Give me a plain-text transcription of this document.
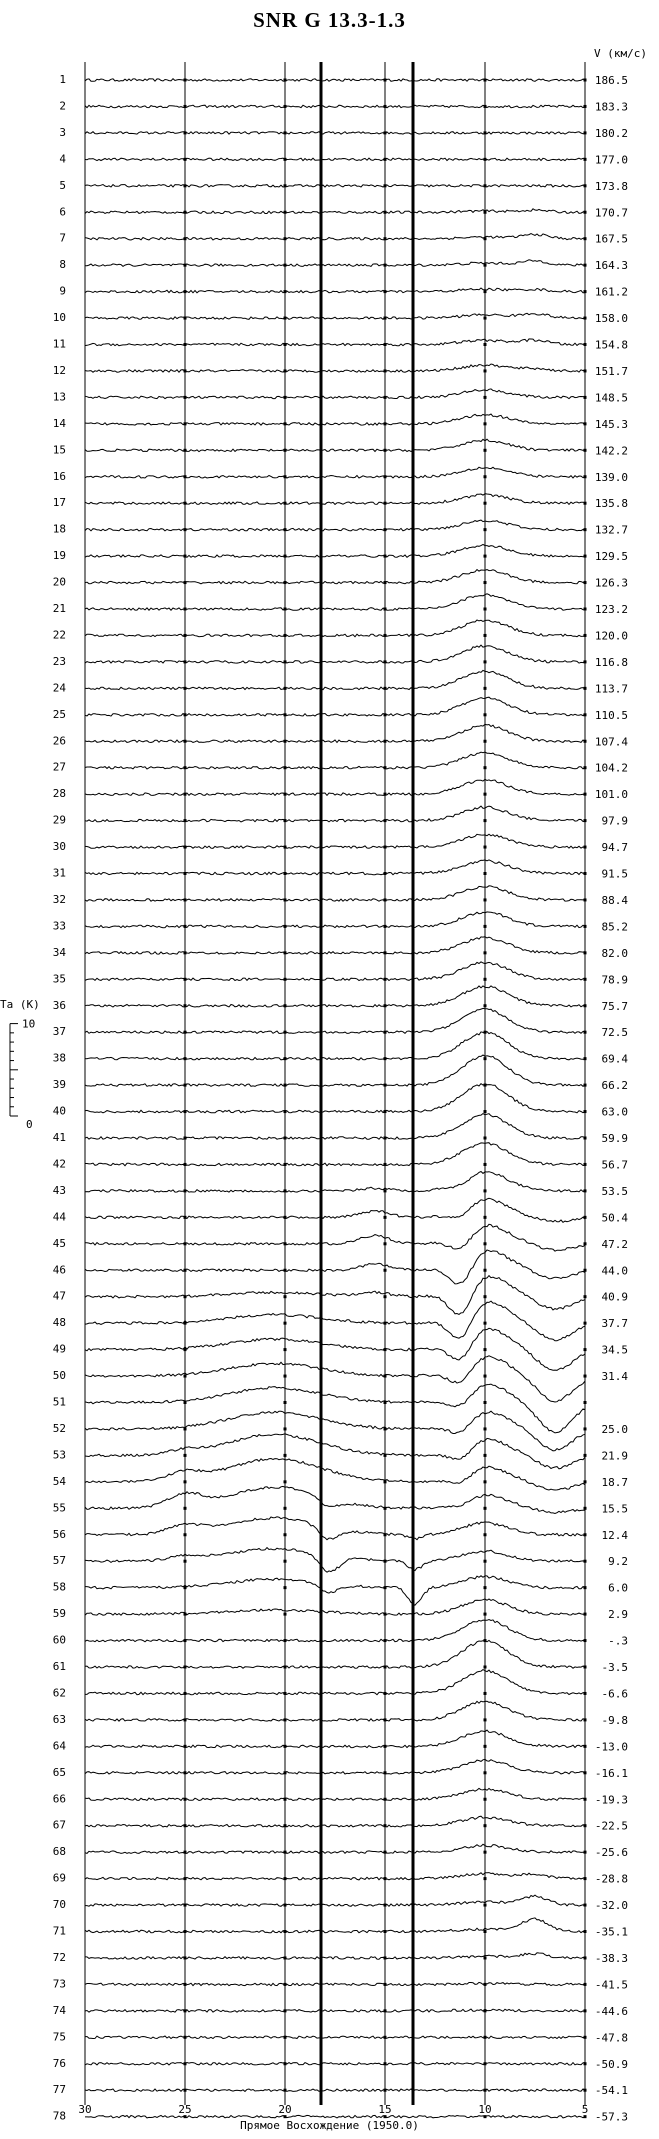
SNR G 13.3-1.3
1
2
3
4
5
6
7
8
9
10
11
12
13
14
15
16
17
18
19
20
21
22
23
24
25
26
27
28
29
30
31
32
33
34
35
36
37
38
39
40
41
42
43
44
45
46
47
48
49
50
51
52
53
54
55
56
57
58
59
60
61
62
63
64
65
66
67
68
69
70
71
72
73
74
75
76
77
78
186.5
183.3
180.2
177.0
173.8
170.7
167.5
164.3
161.2
158.0
154.8
151.7
148.5
145.3
142.2
139.0
135.8
132.7
129.5
126.3
123.2
120.0
116.8
113.7
110.5
107.4
104.2
101.0
97.9
94.7
91.5
88.4
85.2
82.0
78.9
75.7
72.5
69.4
66.2
63.0
59.9
56.7
53.5
50.4
47.2
44.0
40.9
37.7
34.5
31.4
25.0
21.9
18.7
15.5
12.4
9.2
6.0
2.9
-.3
-3.5
-6.6
-9.8
-13.0
-16.1
-19.3
-22.5
-25.6
-28.8
-32.0
-35.1
-38.3
-41.5
-44.6
-47.8
-50.9
-54.1
-57.3
30	25	20	15	10	5
V (км/с)
Ta (K)
10
0
Прямое Восхождение (1950.0)
